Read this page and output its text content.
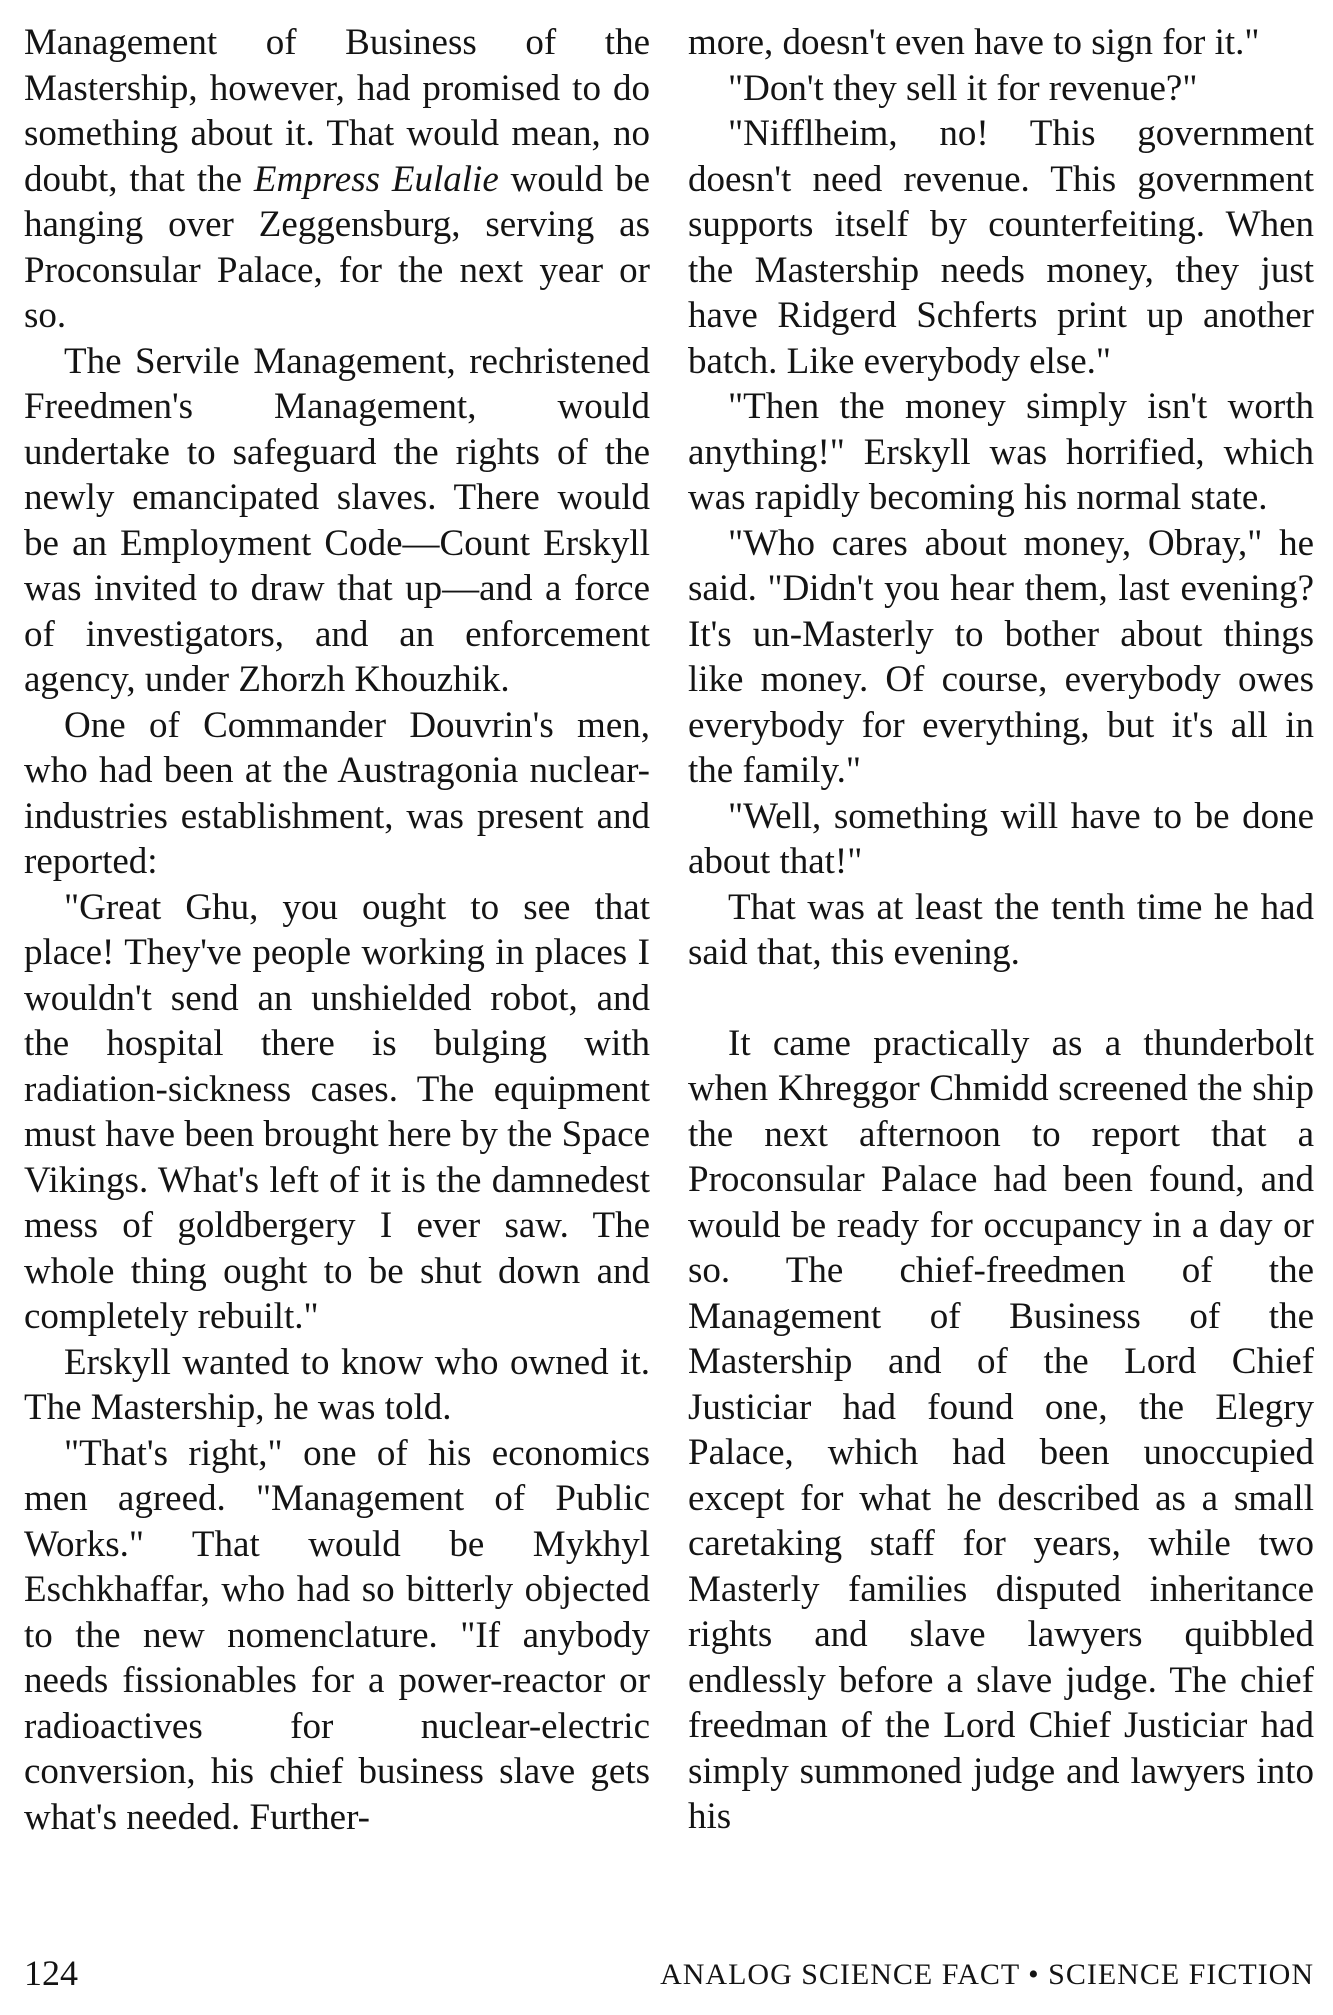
Management of Business of the Mastership, however, had promised to do something about it. That would mean, no doubt, that the Empress Eulalie would be hanging over Zeggensburg, serving as Proconsular Palace, for the next year or so.

The Servile Management, rechristened Freedmen's Management, would undertake to safeguard the rights of the newly emancipated slaves. There would be an Employment Code—Count Erskyll was invited to draw that up—and a force of investigators, and an enforcement agency, under Zhorzh Khouzhik.

One of Commander Douvrin's men, who had been at the Austragonia nuclear-industries establishment, was present and reported:

"Great Ghu, you ought to see that place! They've people working in places I wouldn't send an unshielded robot, and the hospital there is bulging with radiation-sickness cases. The equipment must have been brought here by the Space Vikings. What's left of it is the damnedest mess of goldbergery I ever saw. The whole thing ought to be shut down and completely rebuilt."

Erskyll wanted to know who owned it. The Mastership, he was told.

"That's right," one of his economics men agreed. "Management of Public Works." That would be Mykhyl Eschkhaffar, who had so bitterly objected to the new nomenclature. "If anybody needs fissionables for a power-reactor or radioactives for nuclear-electric conversion, his chief business slave gets what's needed. Further-

more, doesn't even have to sign for it."

"Don't they sell it for revenue?"

"Nifflheim, no! This government doesn't need revenue. This government supports itself by counterfeiting. When the Mastership needs money, they just have Ridgerd Schferts print up another batch. Like everybody else."

"Then the money simply isn't worth anything!" Erskyll was horrified, which was rapidly becoming his normal state.

"Who cares about money, Obray," he said. "Didn't you hear them, last evening? It's un-Masterly to bother about things like money. Of course, everybody owes everybody for everything, but it's all in the family."

"Well, something will have to be done about that!"

That was at least the tenth time he had said that, this evening.

It came practically as a thunderbolt when Khreggor Chmidd screened the ship the next afternoon to report that a Proconsular Palace had been found, and would be ready for occupancy in a day or so. The chief-freedmen of the Management of Business of the Mastership and of the Lord Chief Justiciar had found one, the Elegry Palace, which had been unoccupied except for what he described as a small caretaking staff for years, while two Masterly families disputed inheritance rights and slave lawyers quibbled endlessly before a slave judge. The chief freedman of the Lord Chief Justiciar had simply summoned judge and lawyers into his

124	ANALOG SCIENCE FACT • SCIENCE FICTION
